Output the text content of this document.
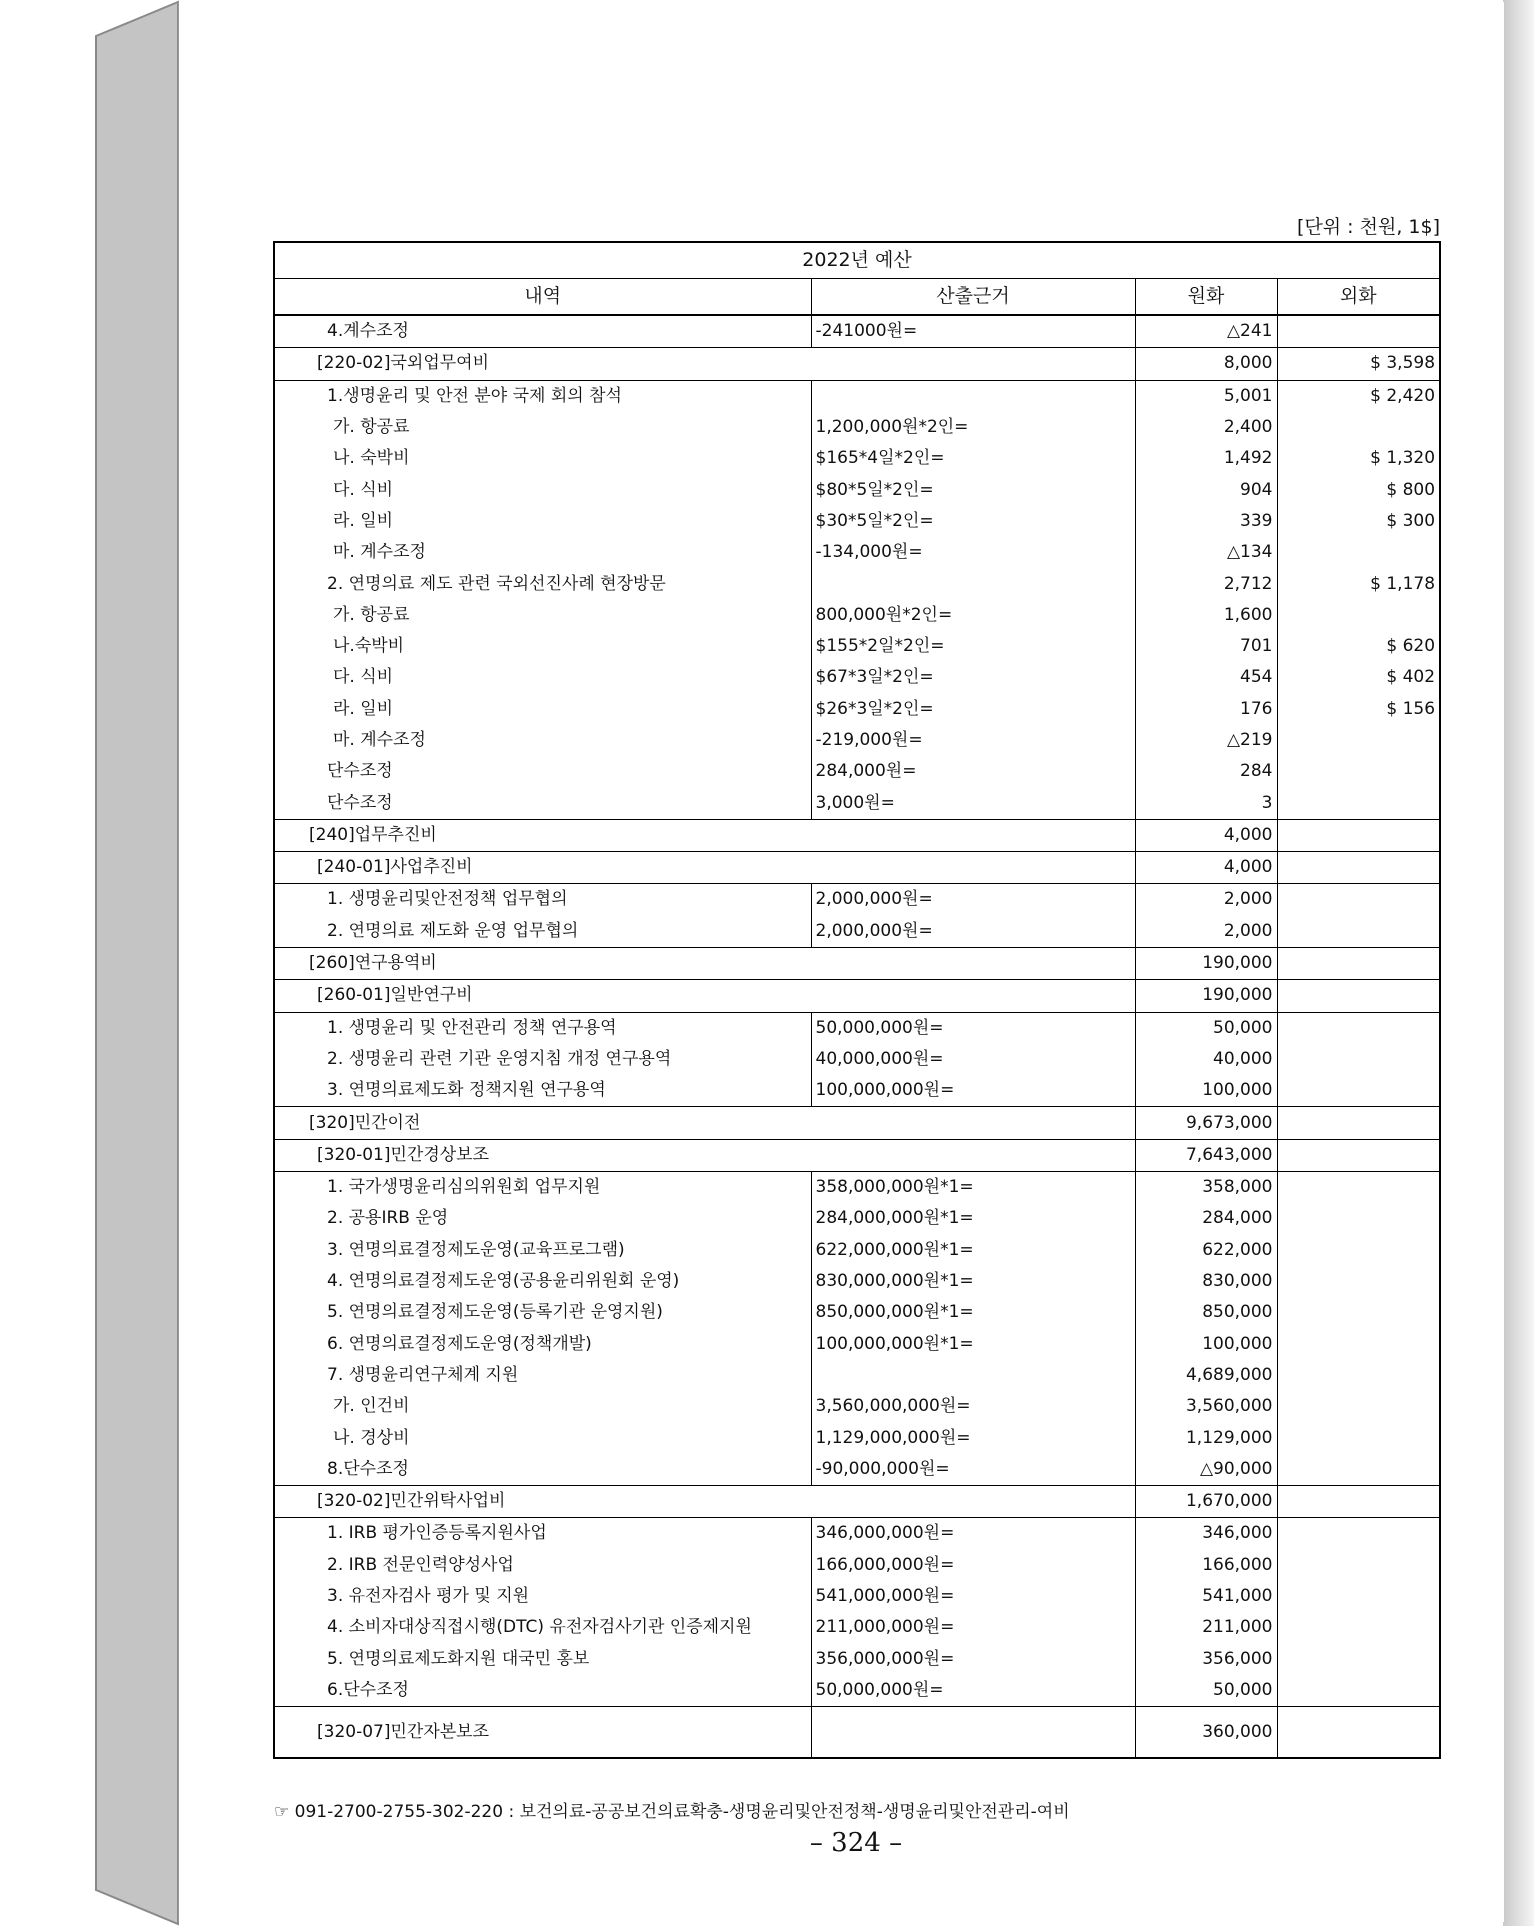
[단위 : 천원, 1$]
2022년 예산			
내역	산출근거	원화	외화
4.계수조정	-241000원=	△241	
[220-02]국외업무여비		8,000	$ 3,598
1.생명윤리 및 안전 분야 국제 회의 참석		5,001	$ 2,420
가. 항공료	1,200,000원*2인=	2,400	
나. 숙박비	$165*4일*2인=	1,492	$ 1,320
다. 식비	$80*5일*2인=	904	$ 800
라. 일비	$30*5일*2인=	339	$ 300
마. 계수조정	-134,000원=	△134	
2. 연명의료 제도 관련 국외선진사례 현장방문		2,712	$ 1,178
가. 항공료	800,000원*2인=	1,600	
나.숙박비	$155*2일*2인=	701	$ 620
다. 식비	$67*3일*2인=	454	$ 402
라. 일비	$26*3일*2인=	176	$ 156
마. 계수조정	-219,000원=	△219	
단수조정	284,000원=	284	
단수조정	3,000원=	3	
[240]업무추진비		4,000	
[240-01]사업추진비		4,000	
1. 생명윤리및안전정책 업무협의	2,000,000원=	2,000	
2. 연명의료 제도화 운영 업무협의	2,000,000원=	2,000	
[260]연구용역비		190,000	
[260-01]일반연구비		190,000	
1. 생명윤리 및 안전관리 정책 연구용역	50,000,000원=	50,000	
2. 생명윤리 관련 기관 운영지침 개정 연구용역	40,000,000원=	40,000	
3. 연명의료제도화 정책지원 연구용역	100,000,000원=	100,000	
[320]민간이전		9,673,000	
[320-01]민간경상보조		7,643,000	
1. 국가생명윤리심의위원회 업무지원	358,000,000원*1=	358,000	
2. 공용IRB 운영	284,000,000원*1=	284,000	
3. 연명의료결정제도운영(교육프로그램)	622,000,000원*1=	622,000	
4. 연명의료결정제도운영(공용윤리위원회 운영)	830,000,000원*1=	830,000	
5. 연명의료결정제도운영(등록기관 운영지원)	850,000,000원*1=	850,000	
6. 연명의료결정제도운영(정책개발)	100,000,000원*1=	100,000	
7. 생명윤리연구체계 지원		4,689,000	
가. 인건비	3,560,000,000원=	3,560,000	
나. 경상비	1,129,000,000원=	1,129,000	
8.단수조정	-90,000,000원=	△90,000	
[320-02]민간위탁사업비		1,670,000	
1. IRB 평가인증등록지원사업	346,000,000원=	346,000	
2. IRB 전문인력양성사업	166,000,000원=	166,000	
3. 유전자검사 평가 및 지원	541,000,000원=	541,000	
4. 소비자대상직접시행(DTC) 유전자검사기관 인증제지원	211,000,000원=	211,000	
5. 연명의료제도화지원 대국민 홍보	356,000,000원=	356,000	
6.단수조정	50,000,000원=	50,000	
[320-07]민간자본보조		360,000	
☞ 091-2700-2755-302-220 : 보건의료-공공보건의료확충-생명윤리및안전정책-생명윤리및안전관리-여비
– 324 –
